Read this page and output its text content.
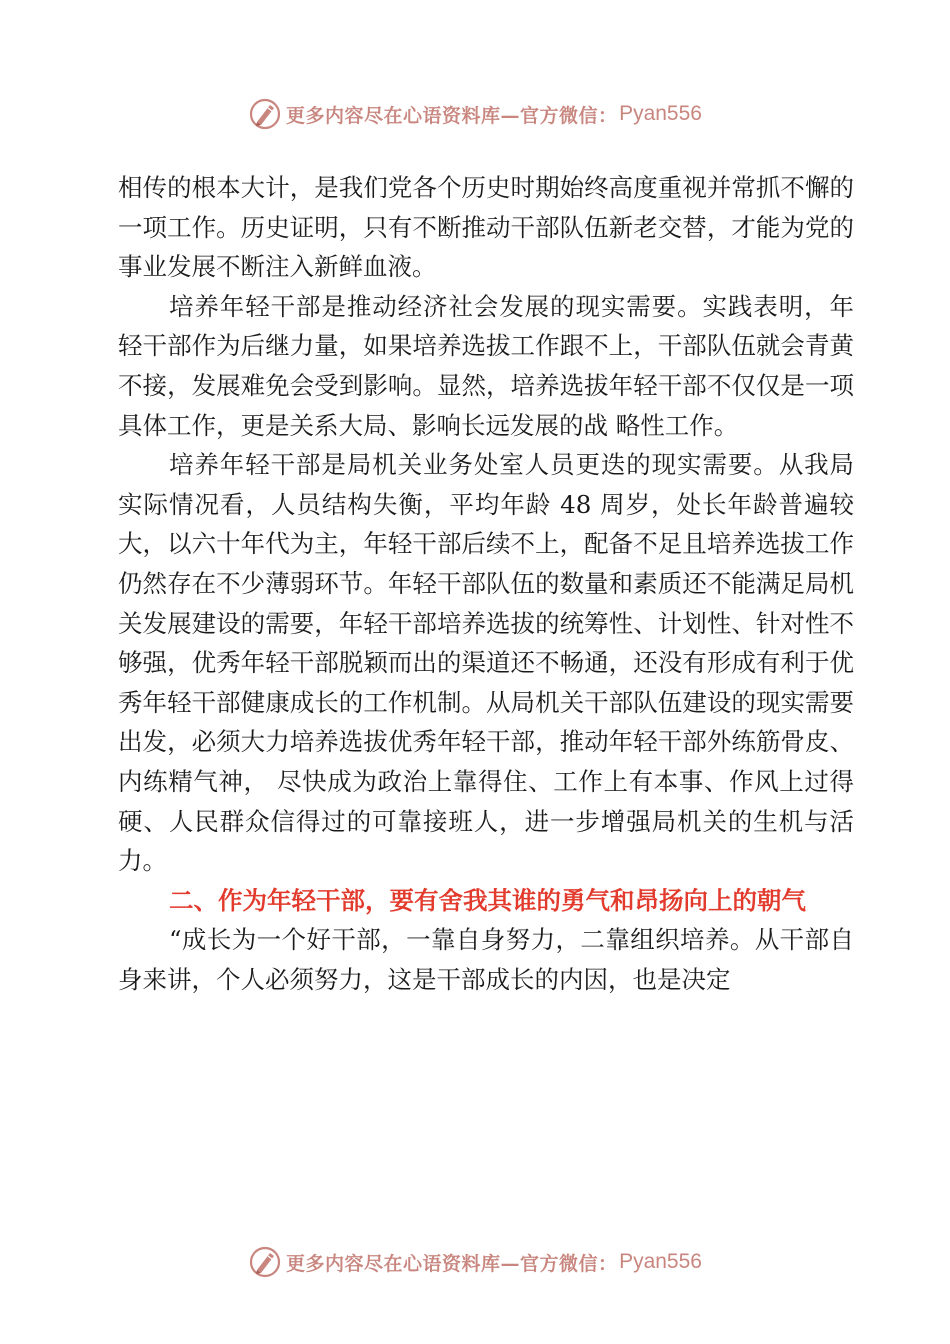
更多内容尽在心语资料库—官方微信 ： Pyan556

相传的根本大计，是我们党各个历史时期始终高度重视并常抓不懈的一项工作。历史证明，只有不断推动干部队伍新老交替，才能为党的事业发展不断注入新鲜血液。

培养年轻干部是推动经济社会发展的现实需要。实践表明，年轻干部作为后继力量，如果培养选拔工作跟不上，干部队伍就会青黄不接，发展难免会受到影响。显然，培养选拔年轻干部不仅仅是一项具体工作，更是关系大局、影响长远发展的战 略性工作。

培养年轻干部是局机关业务处室人员更迭的现实需要。从我局实际情况看，人员结构失衡，平均年龄 48 周岁，处长年龄普遍较大，以六十年代为主，年轻干部后续不上，配备不足且培养选拔工作仍然存在不少薄弱环节。年轻干部队伍的数量和素质还不能满足局机关发展建设的需要，年轻干部培养选拔的统筹性、计划性、针对性不够强，优秀年轻干部脱颖而出的渠道还不畅通，还没有形成有利于优秀年轻干部健康成长的工作机制。从局机关干部队伍建设的现实需要出发，必须大力培养选拔优秀年轻干部，推动年轻干部外练筋骨皮、内练精气神， 尽快成为政治上靠得住、工作上有本事、作风上过得硬、人民群众信得过的可靠接班人，进一步增强局机关的生机与活力。

二、作为年轻干部，要有舍我其谁的勇气和昂扬向上的朝气

“成长为一个好干部，一靠自身努力，二靠组织培养。从干部自身来讲，个人必须努力，这是干部成长的内因，也是决定

更多内容尽在心语资料库—官方微信 ： Pyan556
